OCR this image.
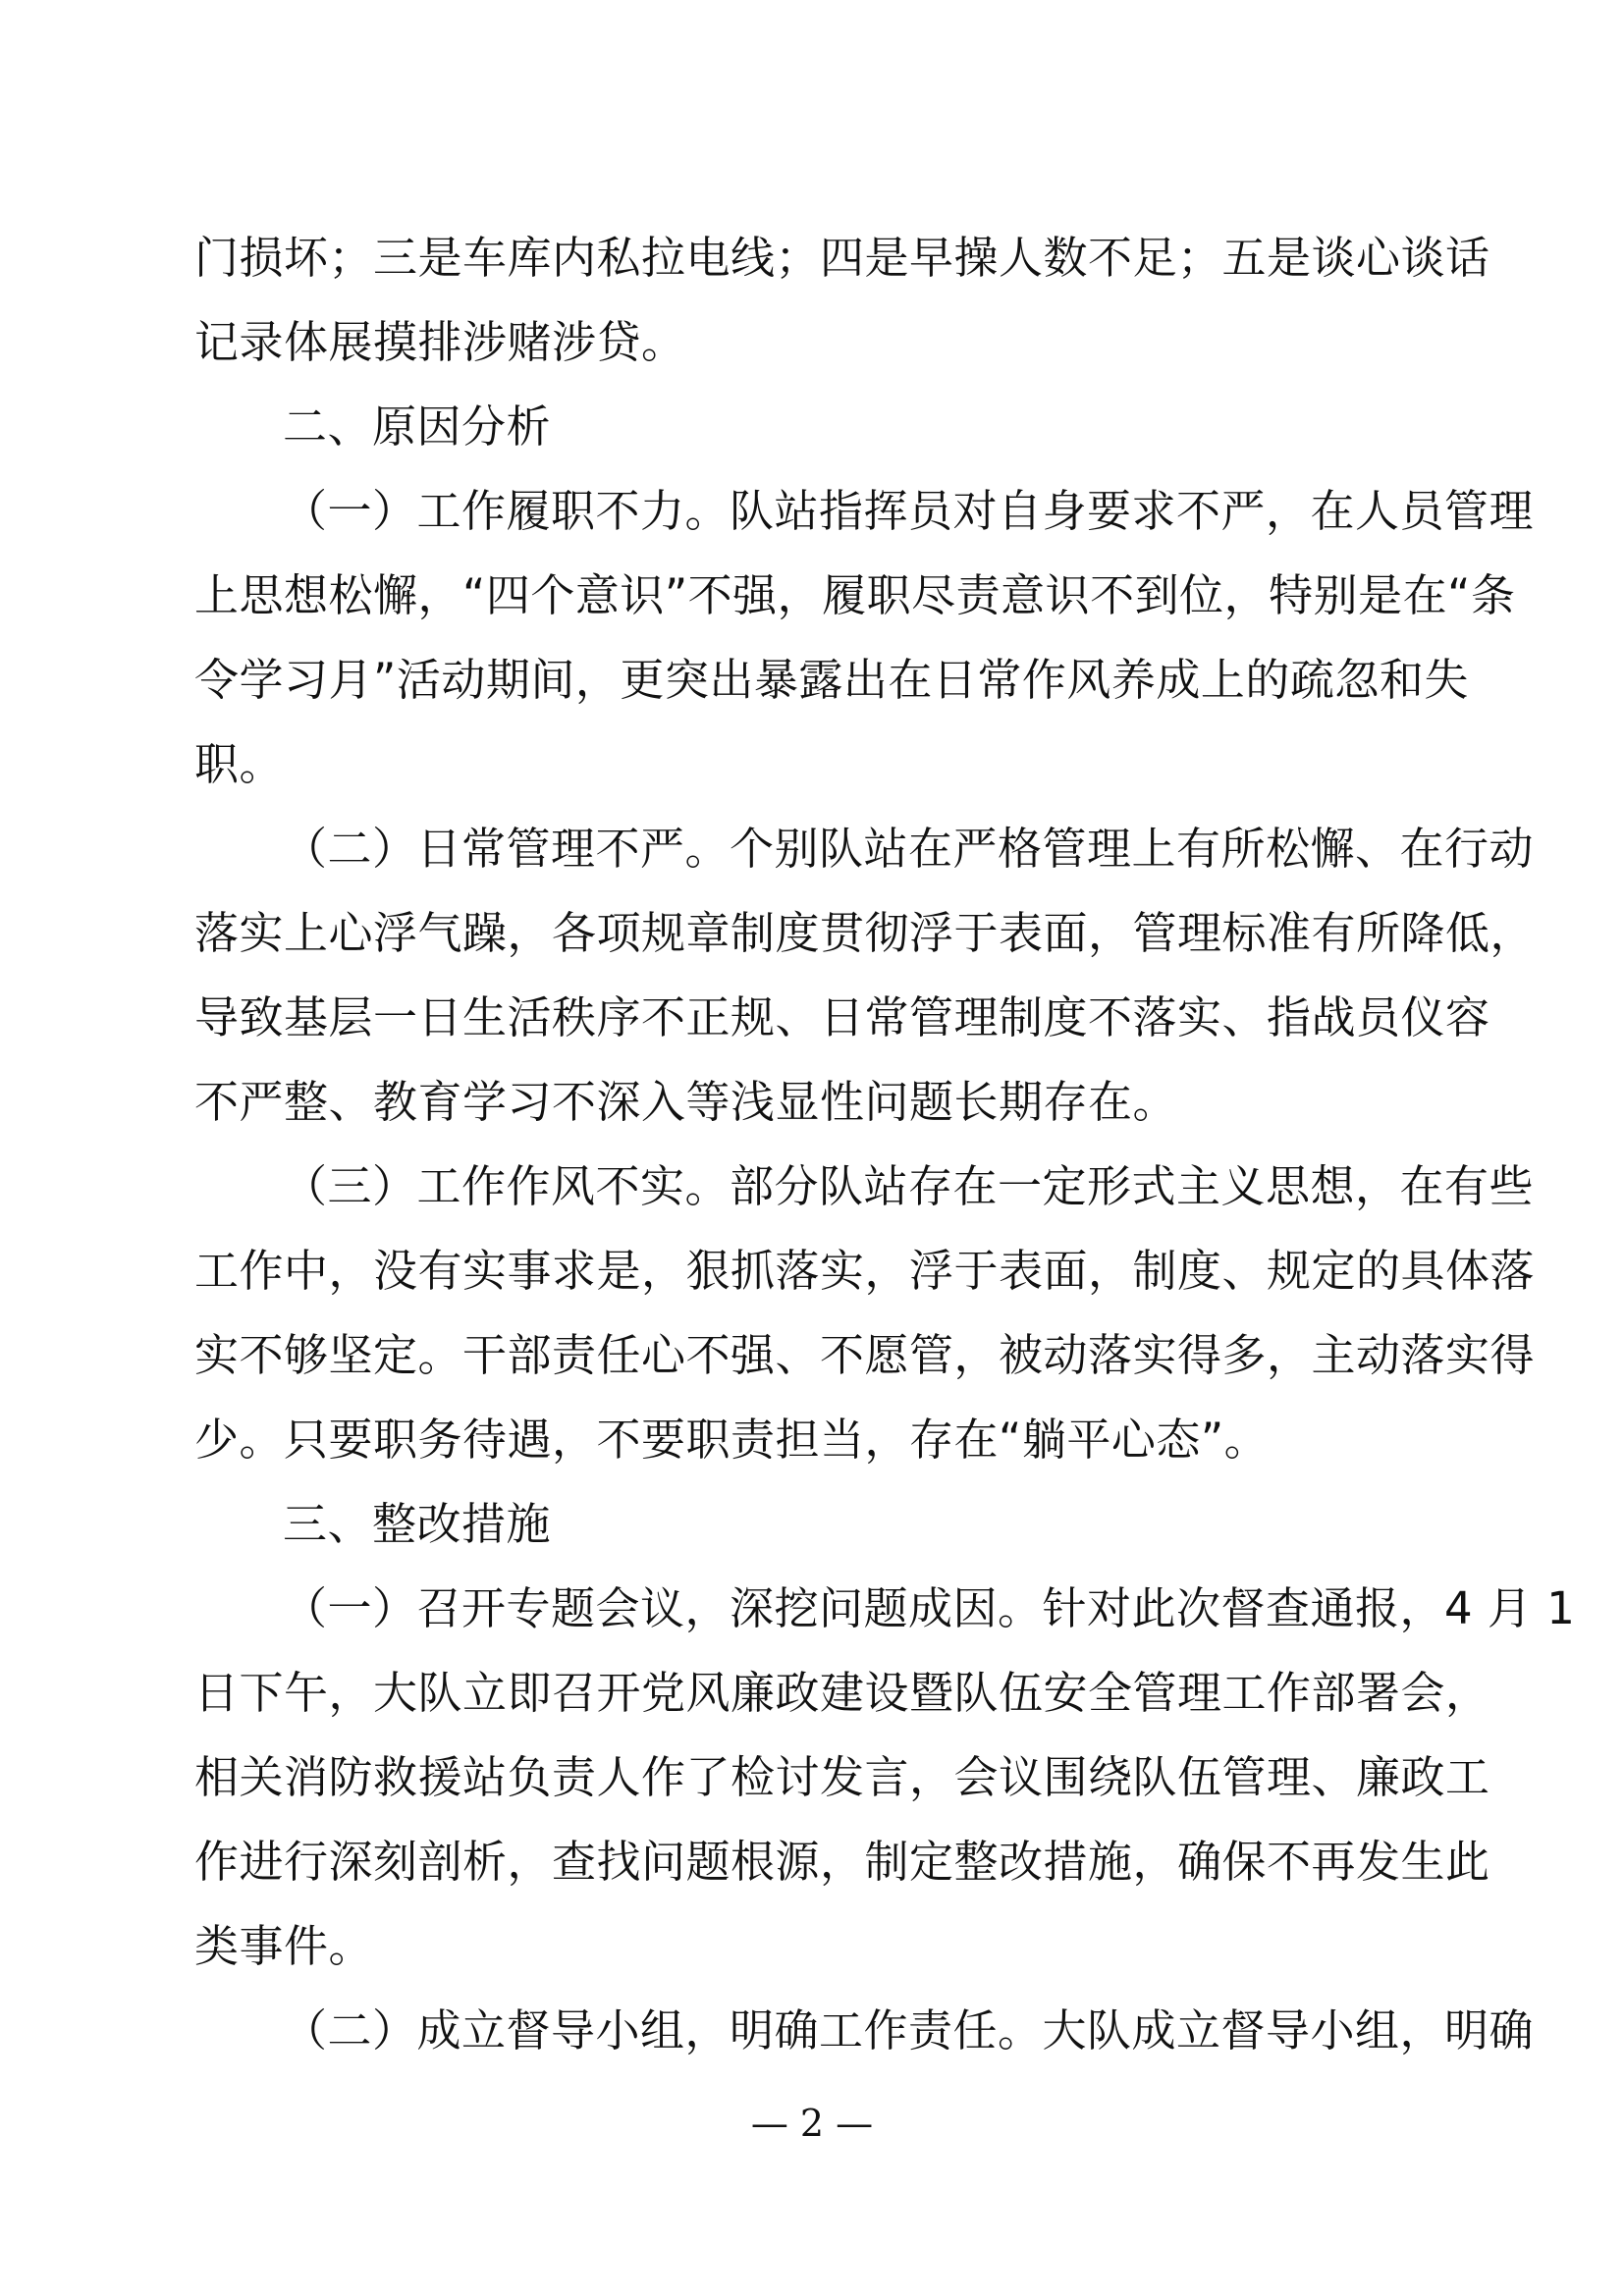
门损坏；三是车库内私拉电线；四是早操人数不足；五是谈心谈话
记录体展摸排涉赌涉贷。
二、原因分析
（一）工作履职不力。队站指挥员对自身要求不严，在人员管理
上思想松懈，“四个意识”不强，履职尽责意识不到位，特别是在“条
令学习月”活动期间，更突出暴露出在日常作风养成上的疏忽和失
职。
（二）日常管理不严。个别队站在严格管理上有所松懈、在行动
落实上心浮气躁，各项规章制度贯彻浮于表面，管理标准有所降低，
导致基层一日生活秩序不正规、日常管理制度不落实、指战员仪容
不严整、教育学习不深入等浅显性问题长期存在。
（三）工作作风不实。部分队站存在一定形式主义思想，在有些
工作中，没有实事求是，狠抓落实，浮于表面，制度、规定的具体落
实不够坚定。干部责任心不强、不愿管，被动落实得多，主动落实得
少。只要职务待遇，不要职责担当，存在“躺平心态”。
三、整改措施
（一）召开专题会议，深挖问题成因。针对此次督查通报，4 月 1
日下午，大队立即召开党风廉政建设暨队伍安全管理工作部署会，
相关消防救援站负责人作了检讨发言，会议围绕队伍管理、廉政工
作进行深刻剖析，查找问题根源，制定整改措施，确保不再发生此
类事件。
（二）成立督导小组，明确工作责任。大队成立督导小组，明确
— 2 —
